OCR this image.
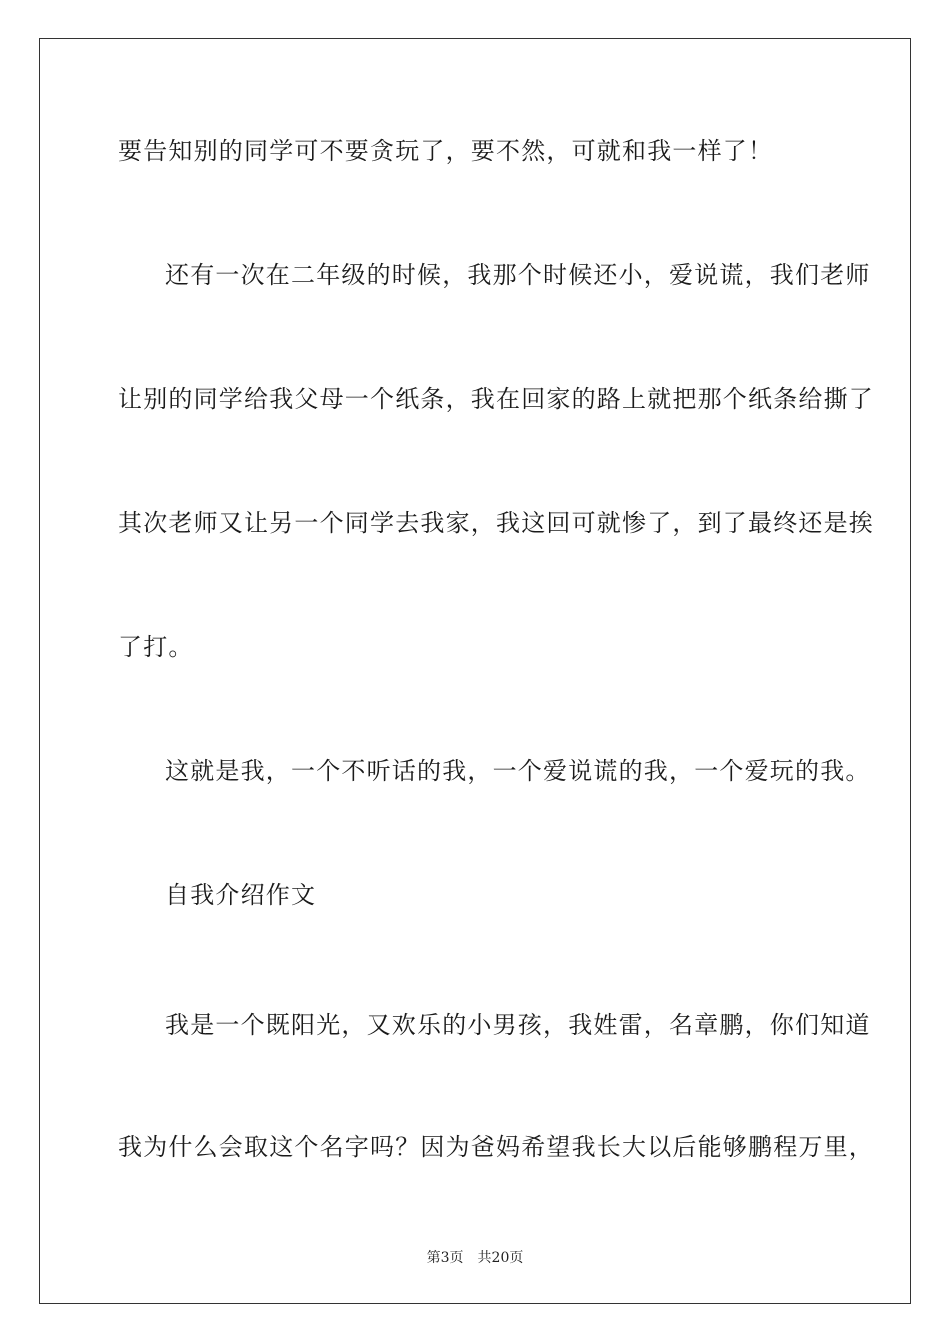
要告知别的同学可不要贪玩了，要不然，可就和我一样了！
还有一次在二年级的时候，我那个时候还小，爱说谎，我们老师
让别的同学给我父母一个纸条，我在回家的路上就把那个纸条给撕了
其次老师又让另一个同学去我家，我这回可就惨了，到了最终还是挨
了打。
这就是我，一个不听话的我，一个爱说谎的我，一个爱玩的我。
自我介绍作文
我是一个既阳光，又欢乐的小男孩，我姓雷，名章鹏，你们知道
我为什么会取这个名字吗？因为爸妈希望我长大以后能够鹏程万里，
第3页 共20页
